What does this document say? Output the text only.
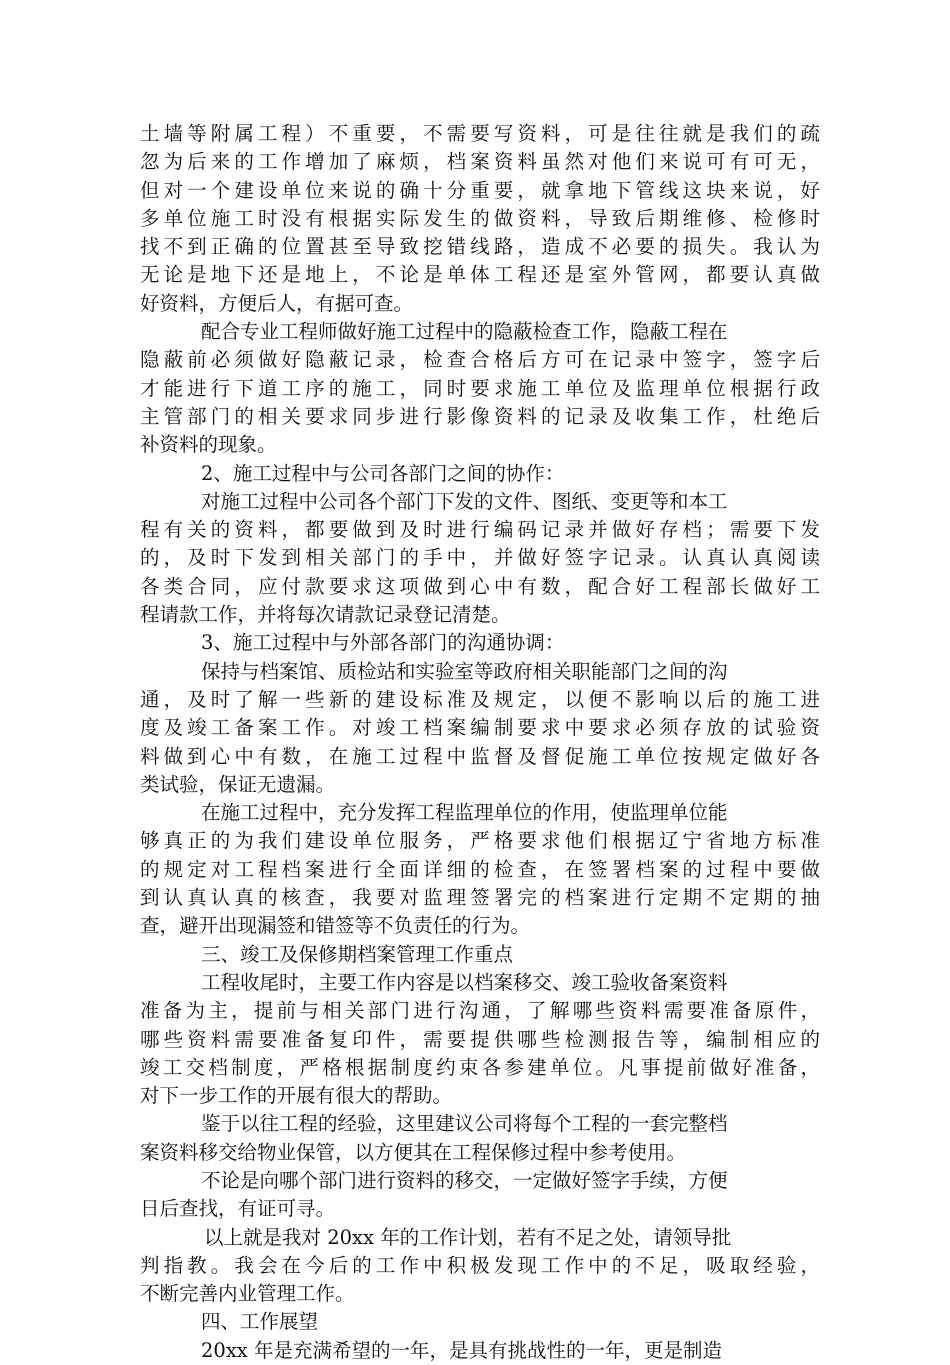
土墙等附属工程）不重要，不需要写资料，可是往往就是我们的疏
忽为后来的工作增加了麻烦，档案资料虽然对他们来说可有可无，
但对一个建设单位来说的确十分重要，就拿地下管线这块来说，好
多单位施工时没有根据实际发生的做资料，导致后期维修、检修时
找不到正确的位置甚至导致挖错线路，造成不必要的损失。我认为
无论是地下还是地上，不论是单体工程还是室外管网，都要认真做
好资料，方便后人，有据可查。
配合专业工程师做好施工过程中的隐蔽检查工作，隐蔽工程在
隐蔽前必须做好隐蔽记录，检查合格后方可在记录中签字，签字后
才能进行下道工序的施工，同时要求施工单位及监理单位根据行政
主管部门的相关要求同步进行影像资料的记录及收集工作，杜绝后
补资料的现象。
2、施工过程中与公司各部门之间的协作：
对施工过程中公司各个部门下发的文件、图纸、变更等和本工
程有关的资料，都要做到及时进行编码记录并做好存档；需要下发
的，及时下发到相关部门的手中，并做好签字记录。认真认真阅读
各类合同，应付款要求这项做到心中有数，配合好工程部长做好工
程请款工作，并将每次请款记录登记清楚。
3、施工过程中与外部各部门的沟通协调：
保持与档案馆、质检站和实验室等政府相关职能部门之间的沟
通，及时了解一些新的建设标准及规定，以便不影响以后的施工进
度及竣工备案工作。对竣工档案编制要求中要求必须存放的试验资
料做到心中有数，在施工过程中监督及督促施工单位按规定做好各
类试验，保证无遗漏。
在施工过程中，充分发挥工程监理单位的作用，使监理单位能
够真正的为我们建设单位服务，严格要求他们根据辽宁省地方标准
的规定对工程档案进行全面详细的检查，在签署档案的过程中要做
到认真认真的核查，我要对监理签署完的档案进行定期不定期的抽
查，避开出现漏签和错签等不负责任的行为。
三、竣工及保修期档案管理工作重点
工程收尾时，主要工作内容是以档案移交、竣工验收备案资料
准备为主，提前与相关部门进行沟通，了解哪些资料需要准备原件，
哪些资料需要准备复印件，需要提供哪些检测报告等，编制相应的
竣工交档制度，严格根据制度约束各参建单位。凡事提前做好准备，
对下一步工作的开展有很大的帮助。
鉴于以往工程的经验，这里建议公司将每个工程的一套完整档
案资料移交给物业保管，以方便其在工程保修过程中参考使用。
不论是向哪个部门进行资料的移交，一定做好签字手续，方便
日后查找，有证可寻。
以上就是我对 20xx 年的工作计划，若有不足之处，请领导批
判指教。我会在今后的工作中积极发现工作中的不足，吸取经验，
不断完善内业管理工作。
四、工作展望
20xx 年是充满希望的一年，是具有挑战性的一年，更是制造
